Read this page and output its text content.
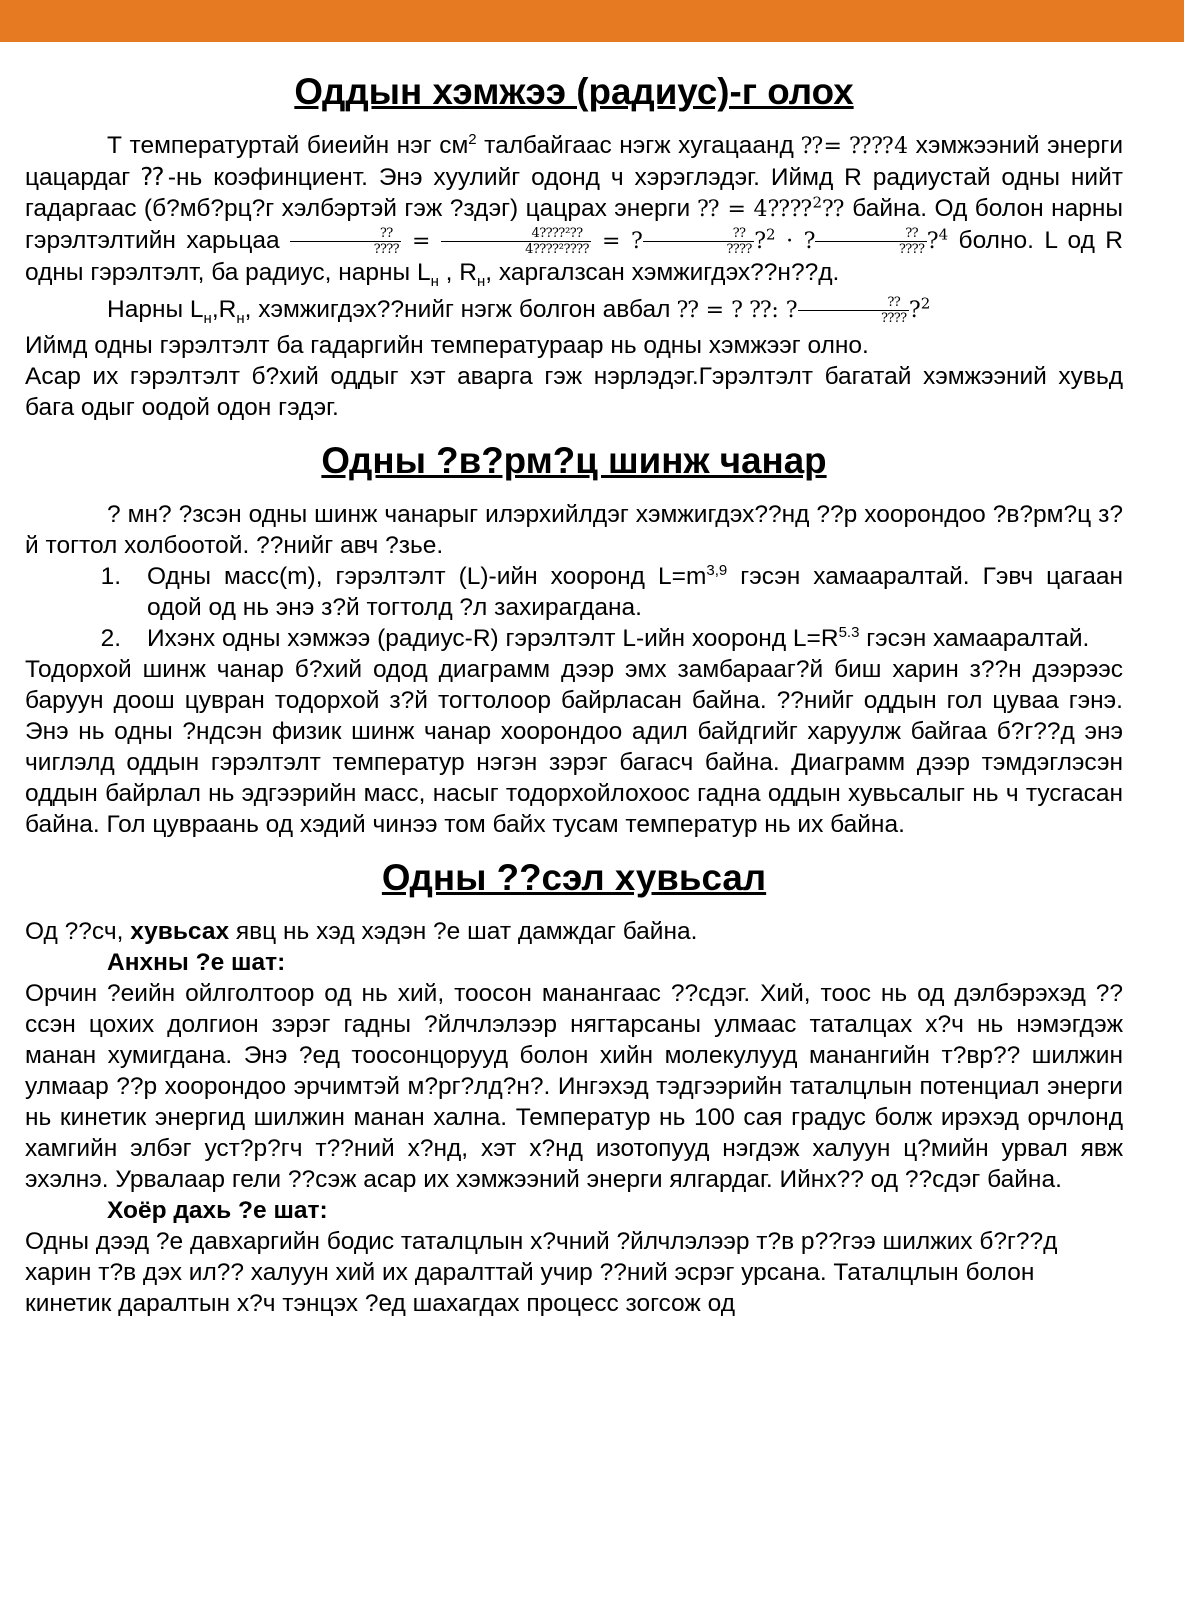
Оддын хэмжээ (радиус)-г олох

Т температуртай биеийн нэг $см^2$ талбайгаас нэгж хугацаанд ⁇= ⁇⁇4 хэмжээний энерги цацардаг ⁇-нь коэфинциент. Энэ хуулийг одонд ч хэрэглэдэг. Иймд R радиустай одны нийт гадаргаас (б?мб?рц?г хэлбэртэй гэж ?здэг) цацрах энерги ⁇ = 4⁇⁇$^2$⁇ байна. Од болон нарны гэрэлтэлтийн харьцаа $\frac{⁇}{⁇⁇} = \frac{\text{4⁇⁇²⁇}}{\text{4⁇⁇²⁇⁇}}$ = ? $\frac{⁇}{⁇⁇}$ ?$^2$ · ? $\frac{⁇}{⁇⁇}$ ?$^4$ болно. L од R одны гэрэлтэлт, ба радиус, нарны $L_н$ , $R_н$, харгалзсан хэмжигдэх??н??д.

Нарны $L_н,R_н$, хэмжигдэх??нийг нэгж болгон авбал ⁇ = ? ⁇: ? $\frac{⁇}{⁇⁇}$ ?$^2$

Иймд одны гэрэлтэлт ба гадаргийн температураар нь одны хэмжээг олно.

Асар их гэрэлтэлт б?хий оддыг хэт аварга гэж нэрлэдэг.Гэрэлтэлт багатай хэмжээний хувьд бага одыг оодой одон гэдэг.

Одны ?в?рм?ц шинж чанар

? мн? ?зсэн одны шинж чанарыг илэрхийлдэг хэмжигдэх??нд ??р хоорондоо ?в?рм?ц з?й тогтол холбоотой. ??нийг авч ?зье.

1.	Одны масс(m), гэрэлтэлт (L)-ийн хооронд $L=m^{3,9}$ гэсэн хамааралтай. Гэвч цагаан одой од нь энэ з?й тогтолд ?л захирагдана.
2.	Ихэнх одны хэмжээ (радиус-R) гэрэлтэлт L-ийн хооронд $L=R^{5.3}$ гэсэн хамааралтай.

Тодорхой шинж чанар б?хий одод диаграмм дээр эмх замбарааг?й биш харин з??н дээрээс баруун доош цувран тодорхой з?й тогтолоор байрласан байна. ??нийг оддын гол цуваа гэнэ. Энэ нь одны ?ндсэн физик шинж чанар хоорондоо адил байдгийг харуулж байгаа б?г??д энэ чиглэлд оддын гэрэлтэлт температур нэгэн зэрэг багасч байна. Диаграмм дээр тэмдэглэсэн оддын байрлал нь эдгээрийн масс, насыг тодорхойлохоос гадна оддын хувьсалыг нь ч тусгасан байна. Гол цувраань од хэдий чинээ том байх тусам температур нь их байна.

Одны ??сэл хувьсал

Од ??сч, хувьсах явц нь хэд хэдэн ?е шат дамждаг байна.

Анхны ?е шат:

Орчин ?еийн ойлголтоор од нь хий, тоосон манангаас ??сдэг. Хий, тоос нь од дэлбэрэхэд ??ссэн цохих долгион зэрэг гадны ?йлчлэлээр нягтарсаны улмаас таталцах х?ч нь нэмэгдэж манан хумигдана. Энэ ?ед тоосонцорууд болон хийн молекулууд манангийн т?вр?? шилжин улмаар ??р хоорондоо эрчимтэй м?рг?лд?н?. Ингэхэд тэдгээрийн таталцлын потенциал энерги нь кинетик энергид шилжин манан хална. Температур нь 100 сая градус болж ирэхэд орчлонд хамгийн элбэг уст?р?гч т??ний х?нд, хэт х?нд изотопууд нэгдэж халуун ц?мийн урвал явж эхэлнэ. Урвалаар гели ??сэж асар их хэмжээний энерги ялгардаг. Ийнх?? од ??сдэг байна.

Хоёр дахь ?е шат:

Одны дээд ?е давхаргийн бодис таталцлын х?чний ?йлчлэлээр т?в р??гээ шилжих б?г??д харин т?в дэх ил?? халуун хий их даралттай учир ??ний эсрэг урсана. Таталцлын болон кинетик даралтын х?ч тэнцэх ?ед шахагдах процесс зогсож од
